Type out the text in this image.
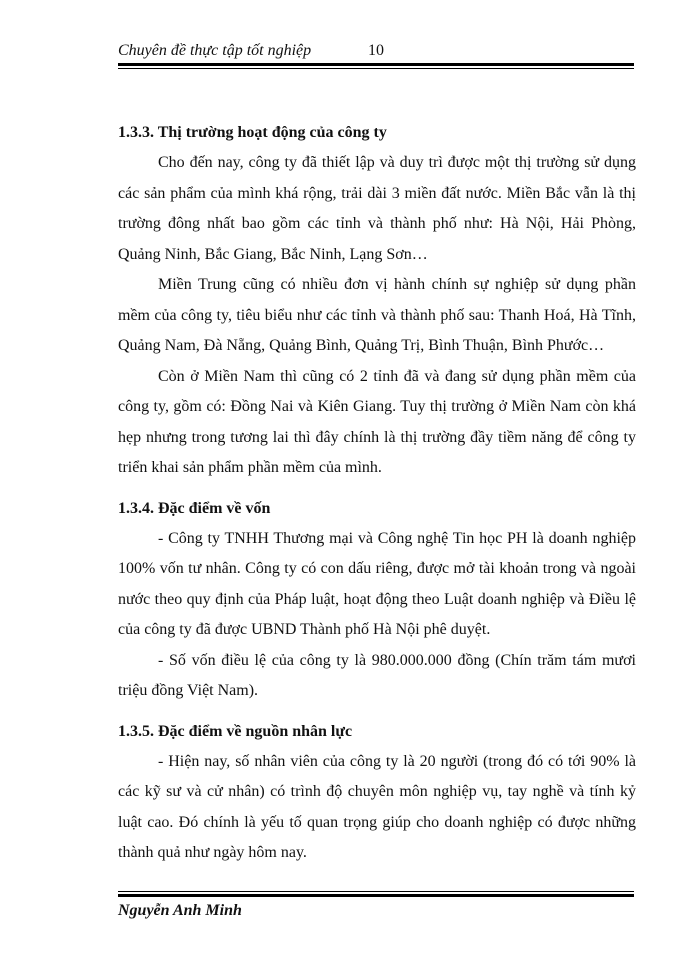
Chuyên đề thực tập tốt nghiệp	10
1.3.3. Thị trường hoạt động của công ty

Cho đến nay, công ty đã thiết lập và duy trì được một thị trường sử dụng các sản phẩm của mình khá rộng, trải dài 3 miền đất nước. Miền Bắc vẫn là thị trường đông nhất bao gồm các tỉnh và thành phố như: Hà Nội, Hải Phòng, Quảng Ninh, Bắc Giang, Bắc Ninh, Lạng Sơn…

Miền Trung cũng có nhiều đơn vị hành chính sự nghiệp sử dụng phần mềm của công ty, tiêu biểu như các tỉnh và thành phố sau: Thanh Hoá, Hà Tĩnh, Quảng Nam, Đà Nẵng, Quảng Bình, Quảng Trị, Bình Thuận, Bình Phước…

Còn ở Miền Nam thì cũng có 2 tỉnh đã và đang sử dụng phần mềm của công ty, gồm có: Đồng Nai và Kiên Giang. Tuy thị trường ở Miền Nam còn khá hẹp nhưng trong tương lai thì đây chính là thị trường đầy tiềm năng để công ty triển khai sản phẩm phần mềm của mình.

1.3.4. Đặc điểm về vốn

- Công ty TNHH Thương mại và Công nghệ Tin học PH là doanh nghiệp 100% vốn tư nhân. Công ty có con dấu riêng, được mở tài khoản trong và ngoài nước theo quy định của Pháp luật, hoạt động theo Luật doanh nghiệp và Điều lệ của công ty đã được UBND Thành phố Hà Nội phê duyệt.

- Số vốn điều lệ của công ty là 980.000.000 đồng (Chín trăm tám mươi triệu đồng Việt Nam).

1.3.5. Đặc điểm về nguồn nhân lực

- Hiện nay, số nhân viên của công ty là 20 người (trong đó có tới 90% là các kỹ sư và cử nhân) có trình độ chuyên môn nghiệp vụ, tay nghề và tính kỷ luật cao. Đó chính là yếu tố quan trọng giúp cho doanh nghiệp có được những thành quả như ngày hôm nay.

Nguyễn Anh Minh
